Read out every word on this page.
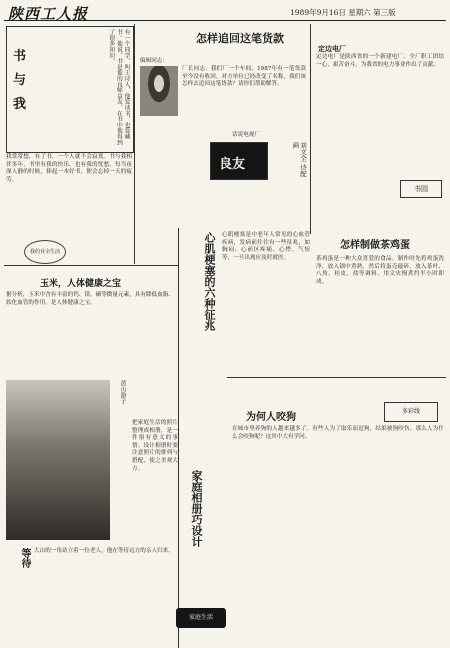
陕西工人报	1989年9月16日 星期六 第三版
书
与
我	有一个同学，叫王诗人，他爱读书，也爱藏书。他说，书是他的良师益友，在书中他得到了很多知识。
我常常想，有了书，一个人就不会寂寞。书与我相伴多年，书里有我的快乐，也有我的忧愁。每当夜深人静的时候，捧起一本好书，便会忘掉一天的疲劳。
我的业余生活
怎样追回这笔货款
编辑同志：
厂长同志：我们厂一个车间，1987年有一笔货款至今没有收回。对方单位已经改变了名称，我们该怎样去追回这笔货款？请你们帮助解答。
话说电视厂
良友	刘文全 诗配画
定边电厂
定边电厂是陕西省的一个新建电厂。全厂职工团结一心，艰苦奋斗，为我省的电力事业作出了贡献。
书园
怎样制做茶鸡蛋
茶鸡蛋是一种大众喜爱的食品。制作时先将鸡蛋洗净，放入锅中煮熟，然后将蛋壳敲碎，放入茶叶、八角、桂皮、盐等调料，用文火慢煮约半小时即成。
心肌梗塞的六种征兆 心肌梗塞是中老年人常见的心血管疾病，发病前往往有一些征兆，如胸闷、心前区疼痛、心悸、气短等，一旦出现应及时就医。
玉米，人体健康之宝
据分析，玉米中含有丰富的钙、镁、硒等微量元素，具有降低血脂、软化血管的作用，是人体健康之宝。
黄山游子
等待 大山的一角站立着一位老人，他在等待远方的亲人归来。
为何人咬狗
多彩线
在城市里养狗的人越来越多了。有些人为了取乐而逗狗，结果被狗咬伤。那么人为什么会咬狗呢？这其中大有学问。
家庭相册巧设计
把家庭生活的照片整理成相册，是一件很有意义的事情。设计相册时要注意照片的排列与搭配，使之美观大方。
家庭生活
